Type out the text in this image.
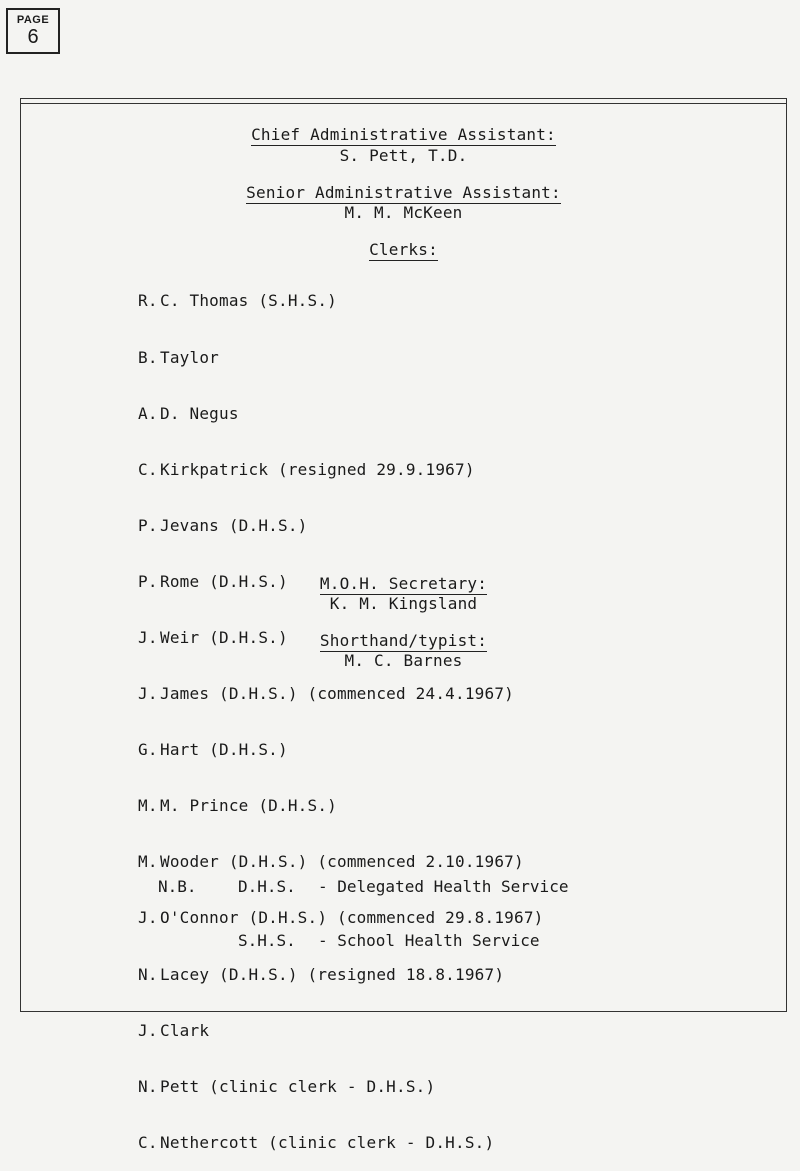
PAGE
6
Chief Administrative Assistant:
S. Pett, T.D.
Senior Administrative Assistant:
M. M. McKeen
Clerks:

R. C. Thomas (S.H.S.)

B. Taylor

A. D. Negus

C. Kirkpatrick (resigned 29.9.1967)

P. Jevans (D.H.S.)

P. Rome (D.H.S.)

J. Weir (D.H.S.)

J. James (D.H.S.) (commenced 24.4.1967)

G. Hart (D.H.S.)

M. M. Prince (D.H.S.)

M. Wooder (D.H.S.) (commenced 2.10.1967)

J. O'Connor (D.H.S.) (commenced 29.8.1967)

N. Lacey (D.H.S.) (resigned 18.8.1967)

J. Clark

N. Pett (clinic clerk - D.H.S.)

C. Nethercott (clinic clerk - D.H.S.)

M.O.H. Secretary:
K. M. Kingsland
Shorthand/typist:
M. C. Barnes

N.B.	D.H.S. - Delegated Health Service

S.H.S. - School Health Service
